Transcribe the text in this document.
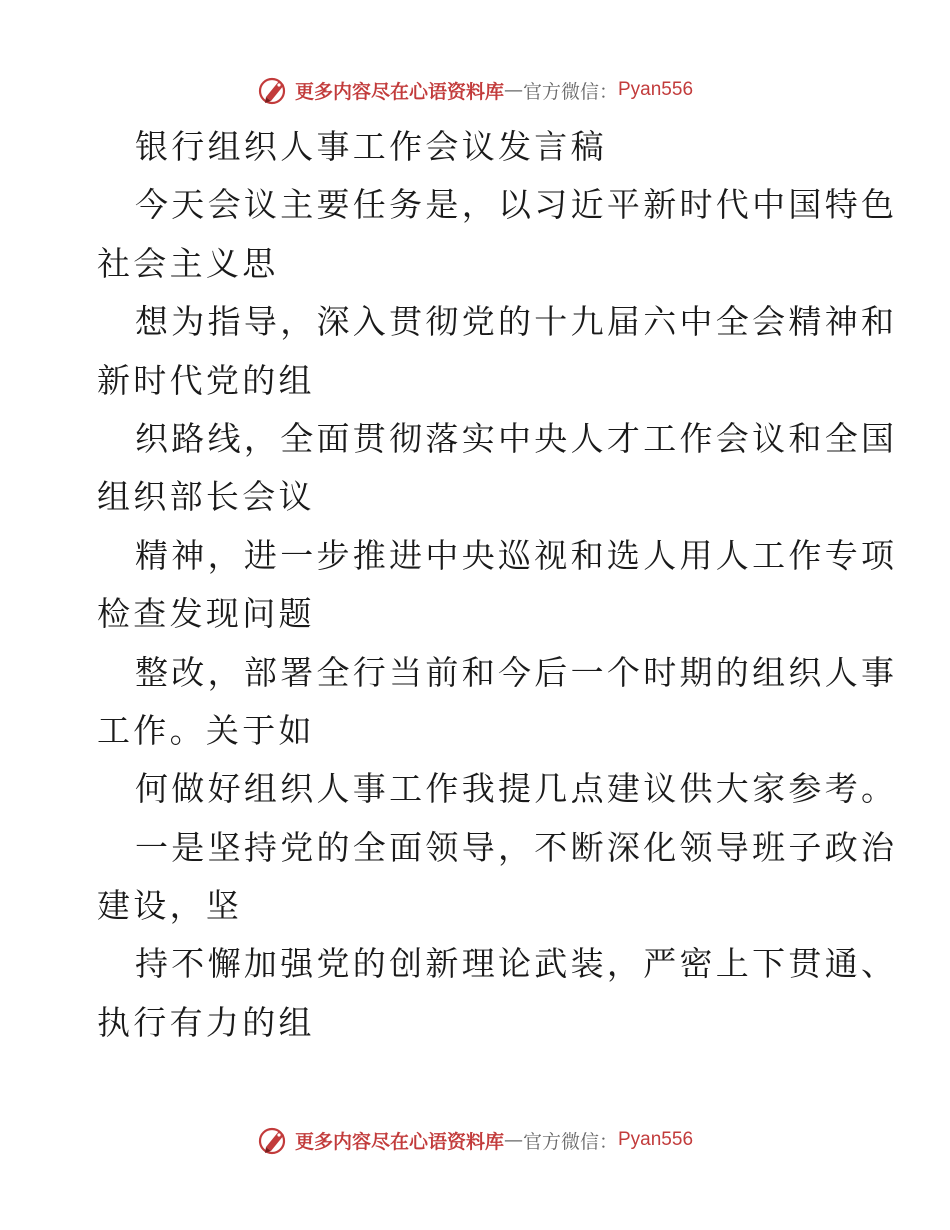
更多内容尽在心语资料库 — 官方微信： Pyan556
银行组织人事工作会议发言稿
今天会议主要任务是，以习近平新时代中国特色
社会主义思
想为指导，深入贯彻党的十九届六中全会精神和
新时代党的组
织路线，全面贯彻落实中央人才工作会议和全国
组织部长会议
精神，进一步推进中央巡视和选人用人工作专项
检查发现问题
整改，部署全行当前和今后一个时期的组织人事
工作。关于如
何做好组织人事工作我提几点建议供大家参考。
一是坚持党的全面领导，不断深化领导班子政治
建设，坚
持不懈加强党的创新理论武装，严密上下贯通、
执行有力的组
更多内容尽在心语资料库 — 官方微信： Pyan556
